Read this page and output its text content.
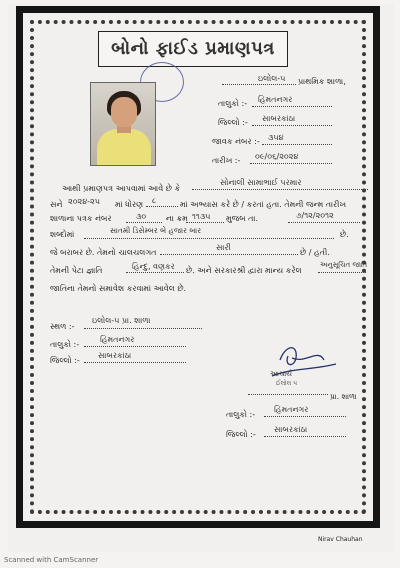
બોનો ફાઈડ પ્રમાણપત્ર
ઇલોલ-૫ પ્રાથમિક શાળા,
તાલુકો :- હિંમતનગર
જિલ્લો :- સાબરકાંઠા
જાવક નંબર :- ૩૫૪
તારીખ :- ૦૯/૦૬/૨૦૨૪
આથી પ્રમાણપત્ર આપવામાં આવે છે કે
સોનાલી સામાભાઈ પરમાર
સને ૨૦૨૪-૨૫ માં ધોરણ ૮	માં અભ્યાસ કરે છે / કરતાં હતા. તેમની જન્મ તારીખ
શાળાના પત્રક નંબર	૩૦ ના ક્રમ ૧૧૩૫ મુજબ તા.	૭/૧૨/૨૦૧૨
શબ્દોમાં	સાતમી ડિસેમ્બર બે હજાર બાર	છે.
જે બરાબર છે. તેમનો ચાલચલગત
સારી
છે / હતી.
તેમની પેટા જ્ઞાતિ	હિન્દુ, વણકર છે. અને સરકારશ્રી દ્વારા માન્ય કરેલ
અનુસૂચિત જાતિ
જાતિના તેમનો સમાવેશ કરવામાં આવેલ છે.
સ્થળ :-
ઇલોલ-૫ પ્રા. શાળા
તાલુકો :-
હિંમતનગર
જિલ્લો :-
સાબરકાંઠા
આચાર્ય
ઈલોલ ૫
પ્રા. શાળા
તાલુકો :-
હિંમતનગર
જિલ્લો :-
સાબરકાંઠા
Nirav Chauhan
Scanned with CamScanner
